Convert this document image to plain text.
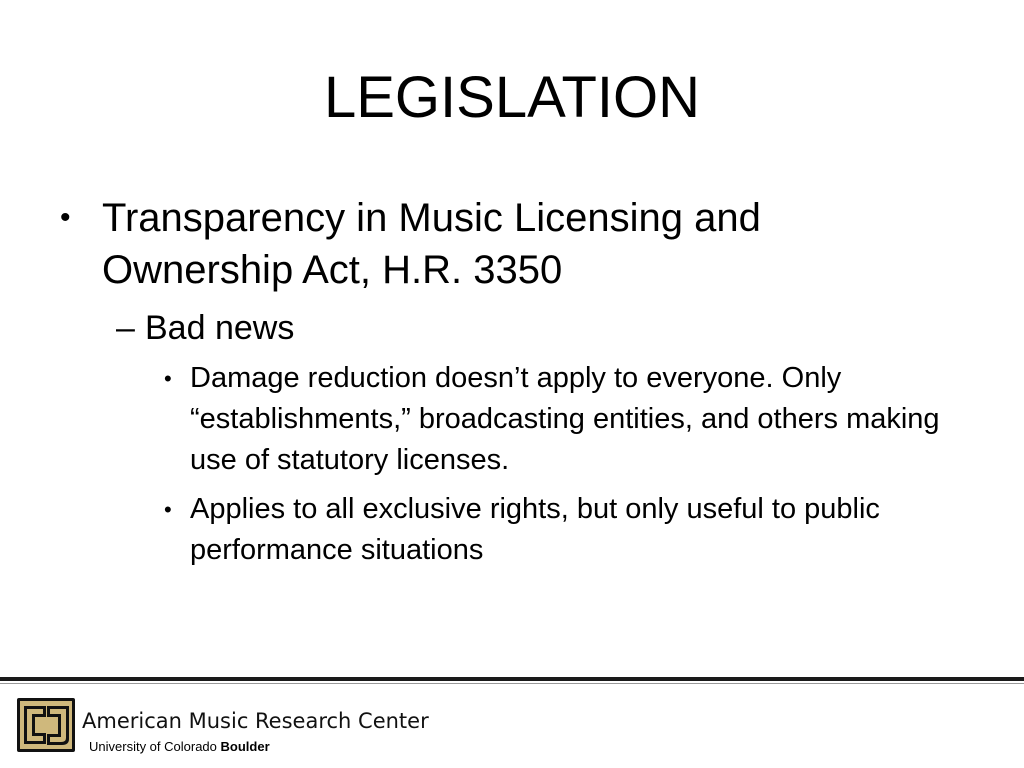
LEGISLATION
• Transparency in Music Licensing and Ownership Act, H.R. 3350
– Bad news
• Damage reduction doesn’t apply to everyone. Only “establishments,” broadcasting entities, and others making use of statutory licenses.
• Applies to all exclusive rights, but only useful to public performance situations
American Music Research Center
University of Colorado Boulder
